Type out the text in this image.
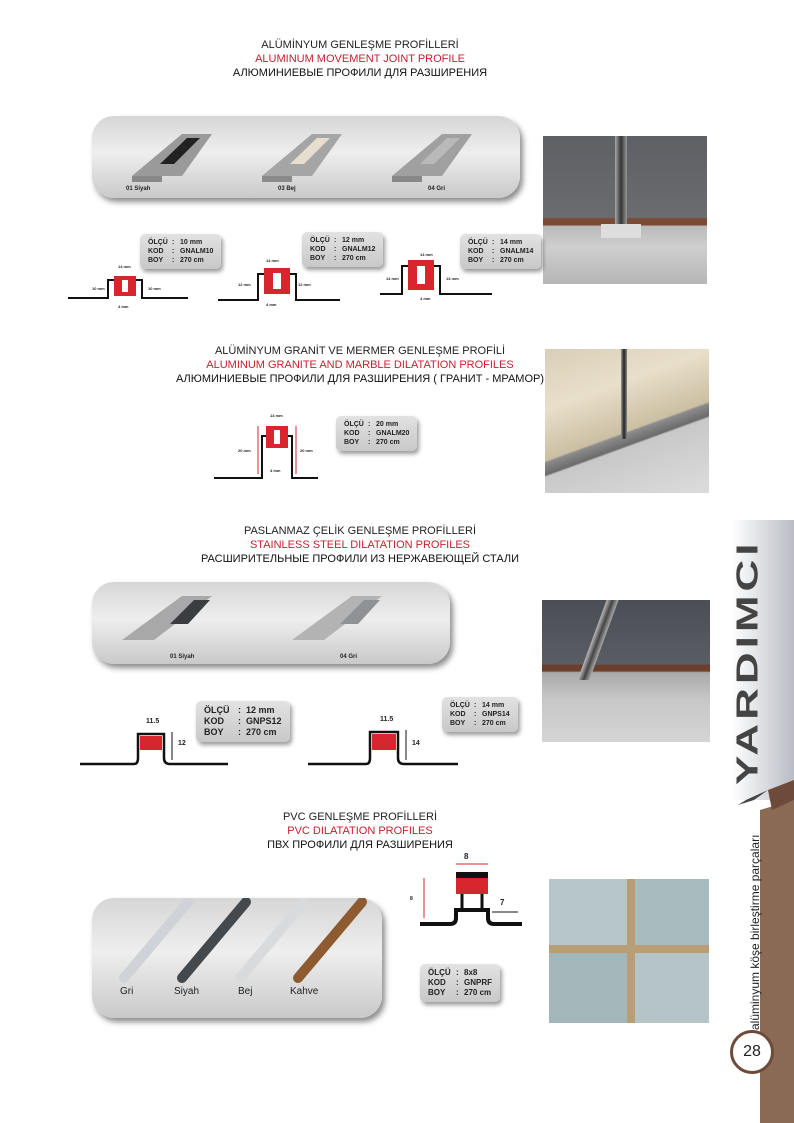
ALÜMİNYUM GENLEŞME PROFİLLERİ
ALUMINUM MOVEMENT JOINT PROFILE
АЛЮМИНИЕВЫЕ ПРОФИЛИ ДЛЯ РАЗШИРЕНИЯ
01 Siyah	03 Bej	04 Gri
ÖLÇÜ : 10 mm
KOD	: GNALM10
BOY	: 270 cm
ÖLÇÜ : 12 mm
KOD	: GNALM12
BOY	: 270 cm
ÖLÇÜ : 14 mm
KOD	: GNALM14
BOY	: 270 cm
14 mm
10 mm	10 mm
4 mm
14 mm
12 mm	12 mm
4 mm
14 mm
14 mm	14 mm
4 mm
ALÜMİNYUM GRANİT VE MERMER GENLEŞME PROFİLİ
ALUMINUM GRANITE AND MARBLE DILATATION PROFILES
АЛЮМИНИЕВЫЕ ПРОФИЛИ ДЛЯ РАЗШИРЕНИЯ ( ГРАНИТ - МРАМОР)
14 mm
20 mm	20 mm
4 mm
ÖLÇÜ : 20 mm
KOD	: GNALM20
BOY	: 270 cm
PASLANMAZ ÇELİK GENLEŞME PROFİLLERİ
STAINLESS STEEL DILATATION PROFILES
РАСШИРИТЕЛЬНЫЕ ПРОФИЛИ ИЗ НЕРЖАВЕЮЩЕЙ СТАЛИ
01 Siyah	04 Gri
ÖLÇÜ : 12 mm
KOD	: GNPS12
BOY	: 270 cm
ÖLÇÜ : 14 mm
KOD	: GNPS14
BOY	: 270 cm
11.5
12
11.5
14
PVC GENLEŞME PROFİLLERİ
PVC DILATATION PROFILES
ПВХ ПРОФИЛИ ДЛЯ РАЗШИРЕНИЯ
Gri	Siyah	Bej	Kahve
8
7
8
ÖLÇÜ : 8x8
KOD	: GNPRF
BOY	: 270 cm
YARDIMCI
alüminyum köşe birleştirme parçaları
28
